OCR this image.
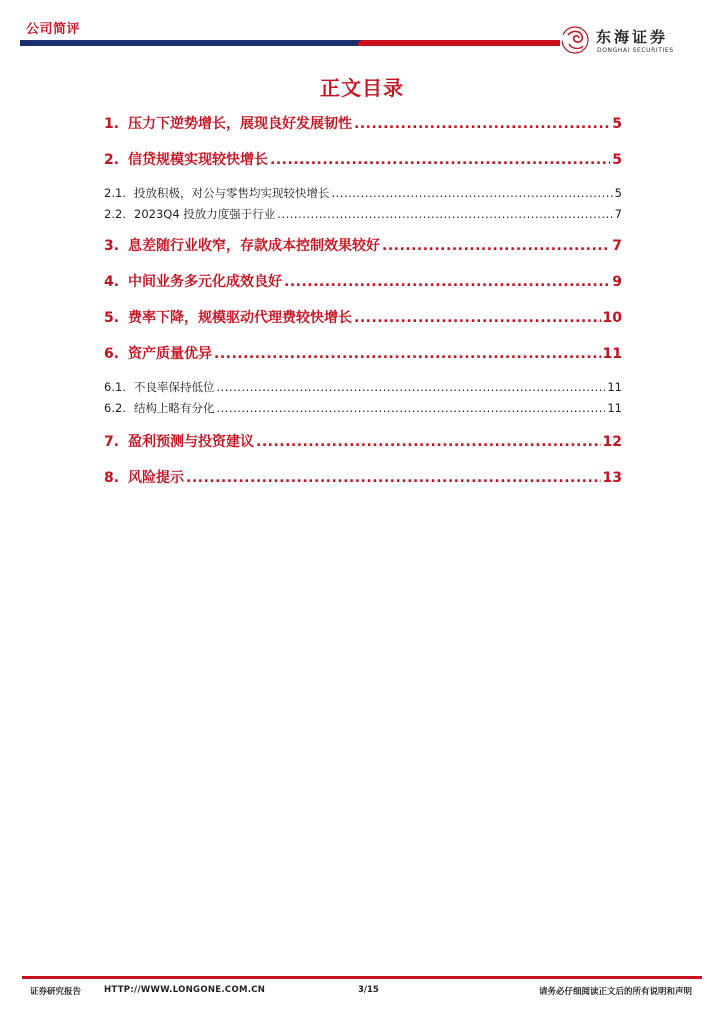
公司简评	东海证券
DONGHAI SECURITIES
正文目录
1. 压力下逆势增长，展现良好发展韧性 .....	5
2. 信贷规模实现较快增长 .....	5
2.1. 投放积极，对公与零售均实现较快增长 .....	5
2.2. 2023Q4 投放力度强于行业 .....	7
3. 息差随行业收窄，存款成本控制效果较好 .....	7
4. 中间业务多元化成效良好 .....	9
5. 费率下降，规模驱动代理费较快增长 .....	10
6. 资产质量优异 .....	11
6.1. 不良率保持低位 .....	11
6.2. 结构上略有分化 .....	11
7. 盈利预测与投资建议 .....	12
8. 风险提示 .....	13
证券研究报告	HTTP://WWW.LONGONE.COM.CN	3/15	请务必仔细阅读正文后的所有说明和声明
